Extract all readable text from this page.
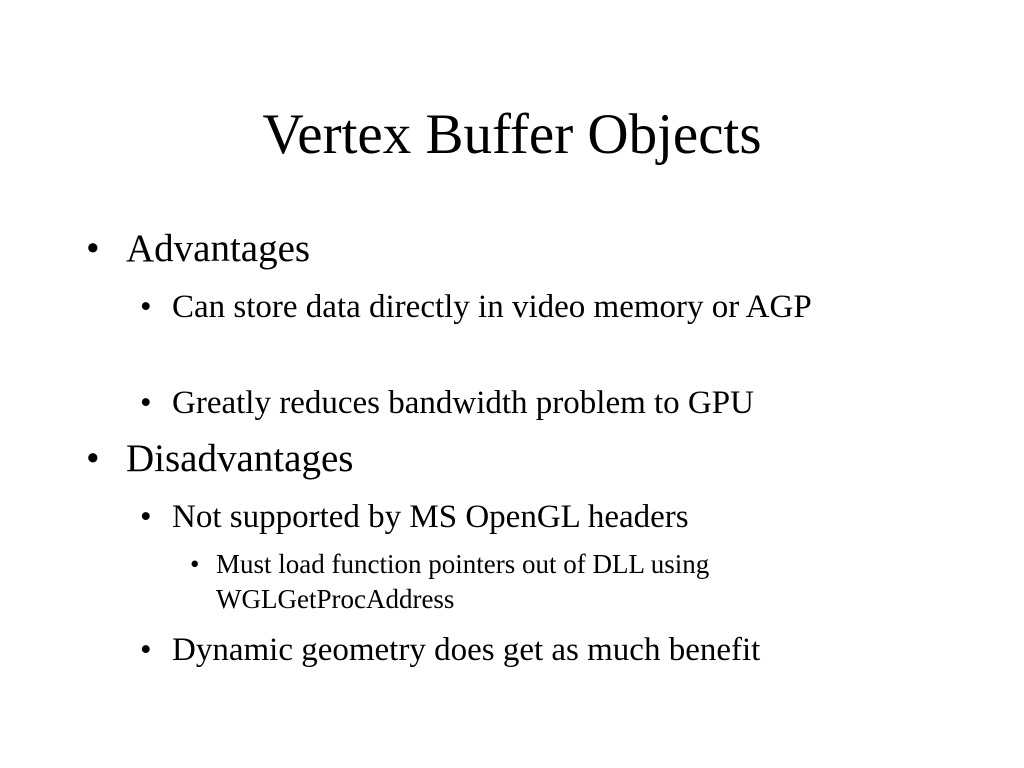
Vertex Buffer Objects
• Advantages
• Can store data directly in video memory or AGP
• Greatly reduces bandwidth problem to GPU
• Disadvantages
• Not supported by MS OpenGL headers
• Must load function pointers out of DLL using WGLGetProcAddress
• Dynamic geometry does get as much benefit
